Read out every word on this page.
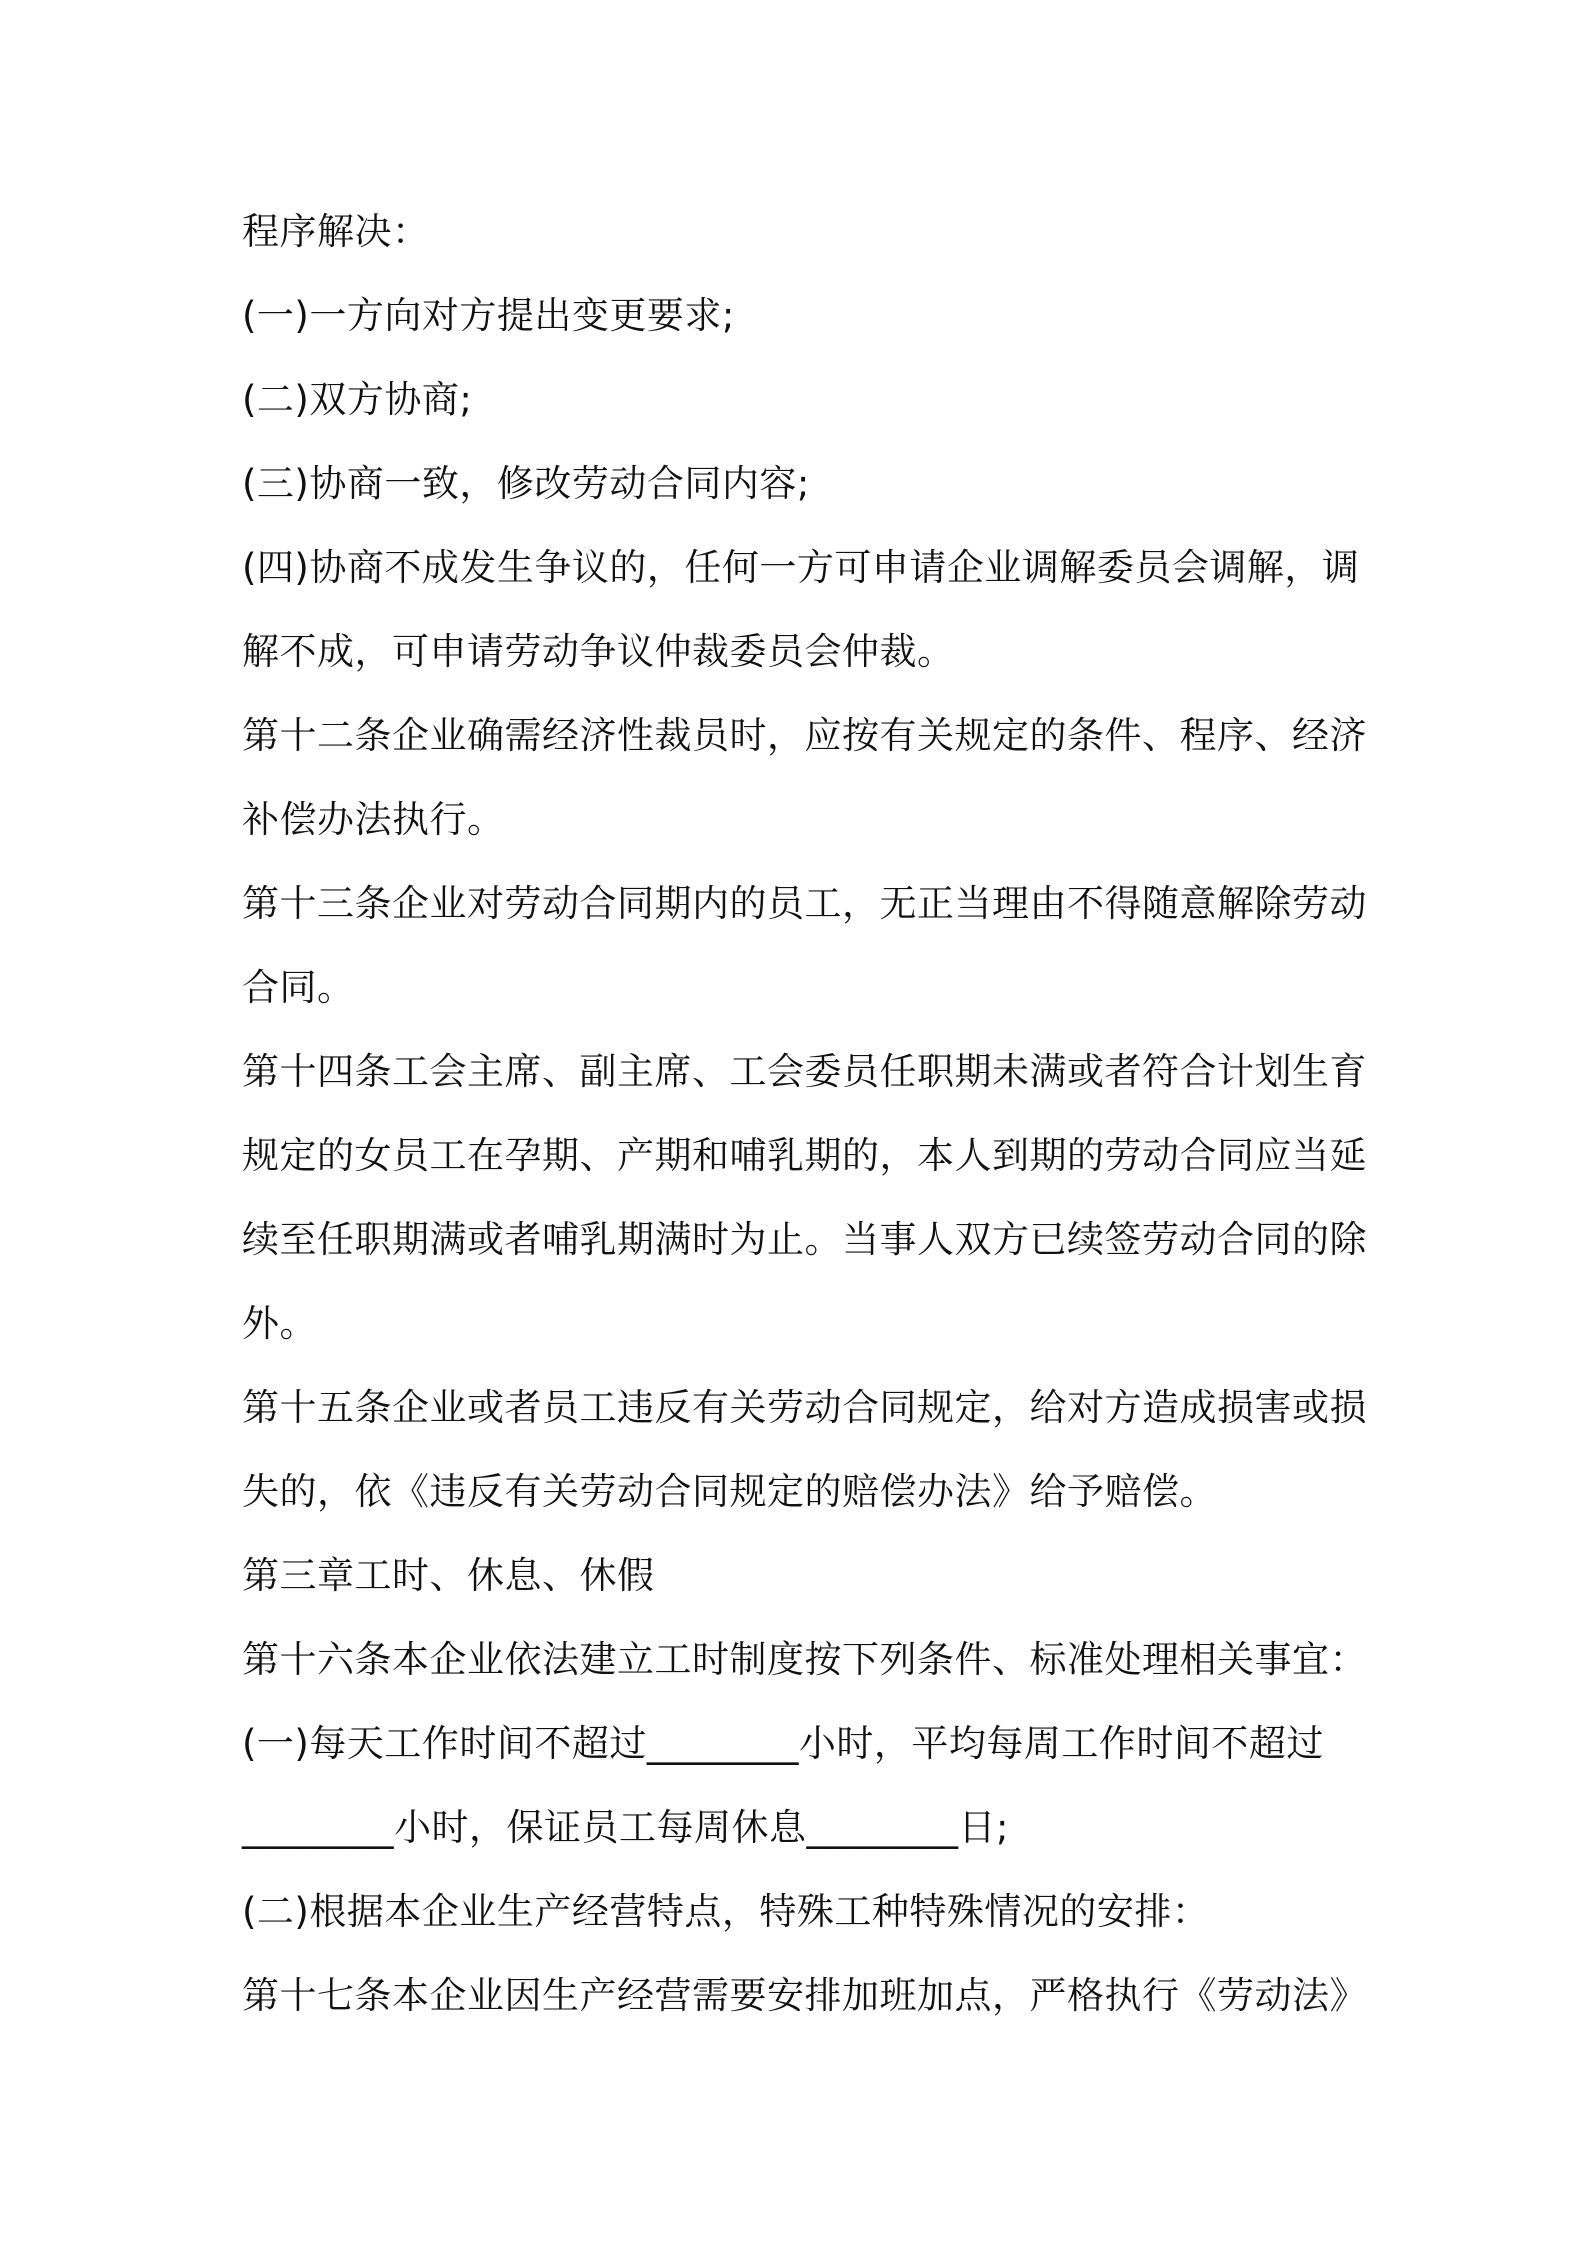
程序解决：
(一)一方向对方提出变更要求;
(二)双方协商;
(三)协商一致，修改劳动合同内容;
(四)协商不成发生争议的，任何一方可申请企业调解委员会调解，调
解不成，可申请劳动争议仲裁委员会仲裁。
第十二条企业确需经济性裁员时，应按有关规定的条件、程序、经济
补偿办法执行。
第十三条企业对劳动合同期内的员工，无正当理由不得随意解除劳动
合同。
第十四条工会主席、副主席、工会委员任职期未满或者符合计划生育
规定的女员工在孕期、产期和哺乳期的，本人到期的劳动合同应当延
续至任职期满或者哺乳期满时为止。当事人双方已续签劳动合同的除
外。
第十五条企业或者员工违反有关劳动合同规定，给对方造成损害或损
失的，依《违反有关劳动合同规定的赔偿办法》给予赔偿。
第三章工时、休息、休假
第十六条本企业依法建立工时制度按下列条件、标准处理相关事宜：
(一)每天工作时间不超过________小时，平均每周工作时间不超过
________小时，保证员工每周休息________日;
(二)根据本企业生产经营特点，特殊工种特殊情况的安排：
第十七条本企业因生产经营需要安排加班加点，严格执行《劳动法》
